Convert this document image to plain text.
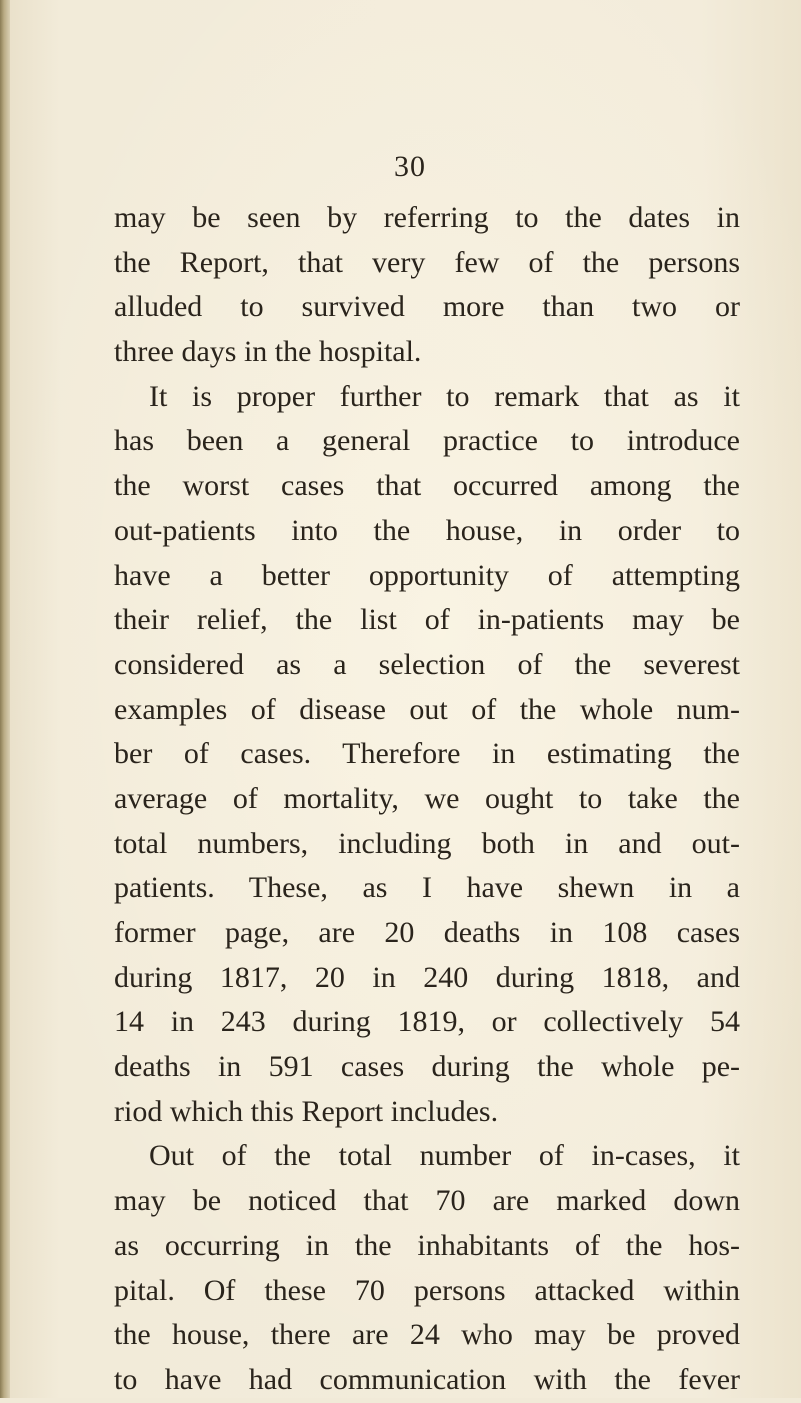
30
may be seen by referring to the dates in
the Report, that very few of the persons
alluded to survived more than two or
three days in the hospital.
It is proper further to remark that as it
has been a general practice to introduce
the worst cases that occurred among the
out-patients into the house, in order to
have a better opportunity of attempting
their relief, the list of in-patients may be
considered as a selection of the severest
examples of disease out of the whole num-
ber of cases. Therefore in estimating the
average of mortality, we ought to take the
total numbers, including both in and out-
patients. These, as I have shewn in a
former page, are 20 deaths in 108 cases
during 1817, 20 in 240 during 1818, and
14 in 243 during 1819, or collectively 54
deaths in 591 cases during the whole pe-
riod which this Report includes.
Out of the total number of in-cases, it
may be noticed that 70 are marked down
as occurring in the inhabitants of the hos-
pital. Of these 70 persons attacked within
the house, there are 24 who may be proved
to have had communication with the fever
